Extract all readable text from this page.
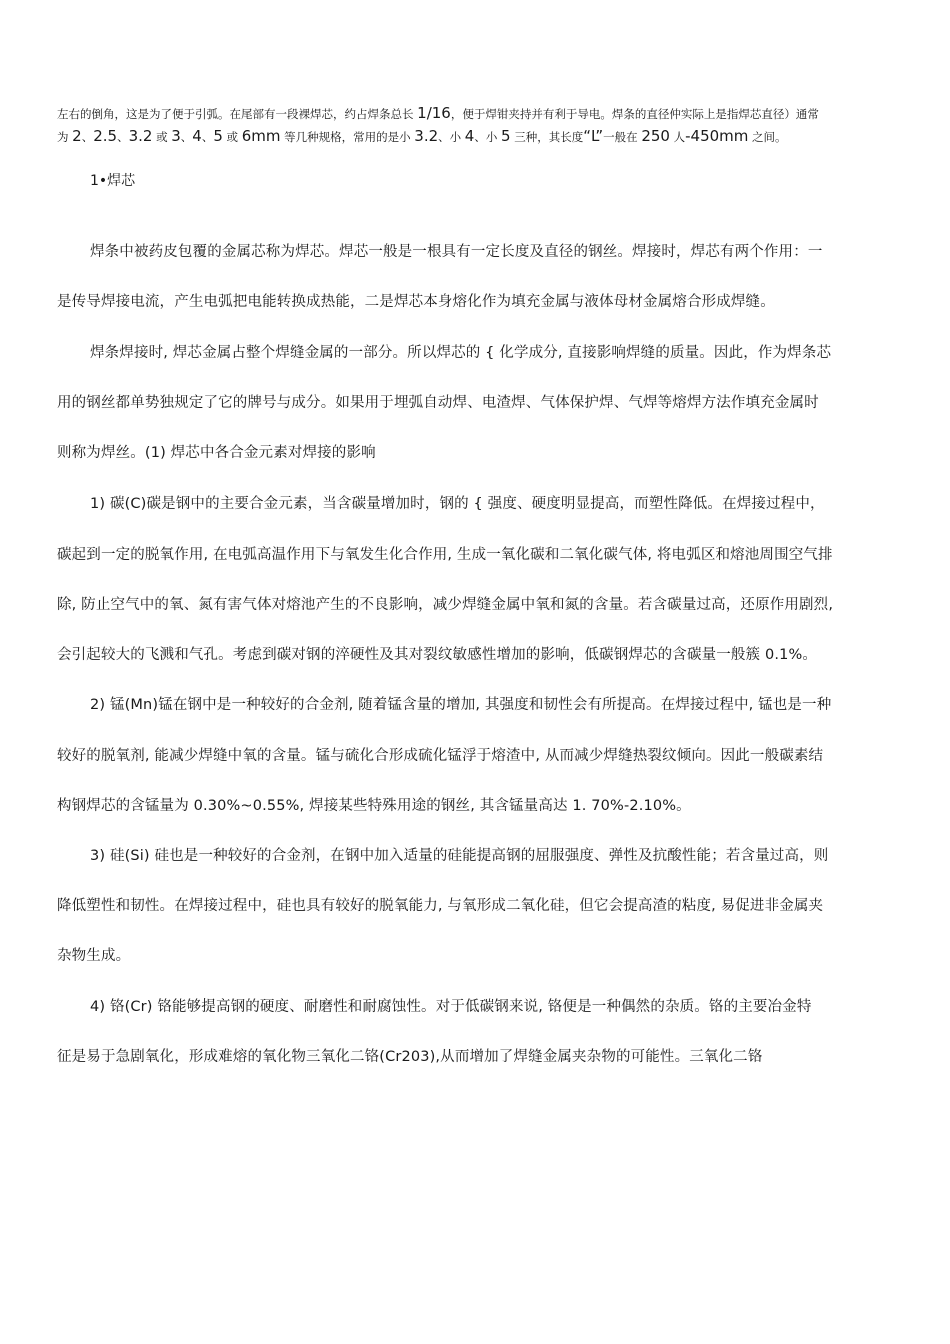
左右的倒角，这是为了便于引弧。在尾部有一段裸焊芯，约占焊条总长 1/16，便于焊钳夹持并有利于导电。焊条的直径仲实际上是指焊芯直径）通常
为 2、2.5、3.2 或 3、4、5 或 6mm 等几种规格，常用的是小 3.2、小 4、小 5 三种，其长度“L”一般在 250 人-450mm 之间。
1•焊芯
焊条中被药皮包覆的金属芯称为焊芯。焊芯一般是一根具有一定长度及直径的钢丝。焊接时，焊芯有两个作用：一
是传导焊接电流，产生电弧把电能转换成热能，二是焊芯本身熔化作为填充金属与液体母材金属熔合形成焊缝。
焊条焊接时, 焊芯金属占整个焊缝金属的一部分。所以焊芯的 { 化学成分, 直接影响焊缝的质量。因此，作为焊条芯
用的钢丝都单势独规定了它的牌号与成分。如果用于埋弧自动焊、电渣焊、气体保护焊、气焊等熔焊方法作填充金属时
则称为焊丝。(1) 焊芯中各合金元素对焊接的影响
1) 碳(C)碳是钢中的主要合金元素，当含碳量增加时，钢的 { 强度、硬度明显提高，而塑性降低。在焊接过程中，
碳起到一定的脱氧作用, 在电弧高温作用下与氧发生化合作用, 生成一氧化碳和二氧化碳气体, 将电弧区和熔池周围空气排
除, 防止空气中的氧、氮有害气体对熔池产生的不良影响，减少焊缝金属中氧和氮的含量。若含碳量过高，还原作用剧烈,
会引起较大的飞溅和气孔。考虑到碳对钢的淬硬性及其对裂纹敏感性增加的影响，低碳钢焊芯的含碳量一般簇 0.1%。
2) 锰(Mn)锰在钢中是一种较好的合金剂, 随着锰含量的增加, 其强度和韧性会有所提高。在焊接过程中, 锰也是一种
较好的脱氧剂, 能减少焊缝中氧的含量。锰与硫化合形成硫化锰浮于熔渣中, 从而减少焊缝热裂纹倾向。因此一般碳素结
构钢焊芯的含锰量为 0.30%~0.55%, 焊接某些特殊用途的钢丝, 其含锰量高达 1. 70%-2.10%。
3) 硅(Si) 硅也是一种较好的合金剂，在钢中加入适量的硅能提高钢的屈服强度、弹性及抗酸性能；若含量过高，则
降低塑性和韧性。在焊接过程中，硅也具有较好的脱氧能力, 与氧形成二氧化硅，但它会提高渣的粘度, 易促进非金属夹
杂物生成。
4) 铬(Cr) 铬能够提高钢的硬度、耐磨性和耐腐蚀性。对于低碳钢来说, 铬便是一种偶然的杂质。铬的主要冶金特
征是易于急剧氧化，形成难熔的氧化物三氧化二铬(Cr203),从而增加了焊缝金属夹杂物的可能性。三氧化二铬
